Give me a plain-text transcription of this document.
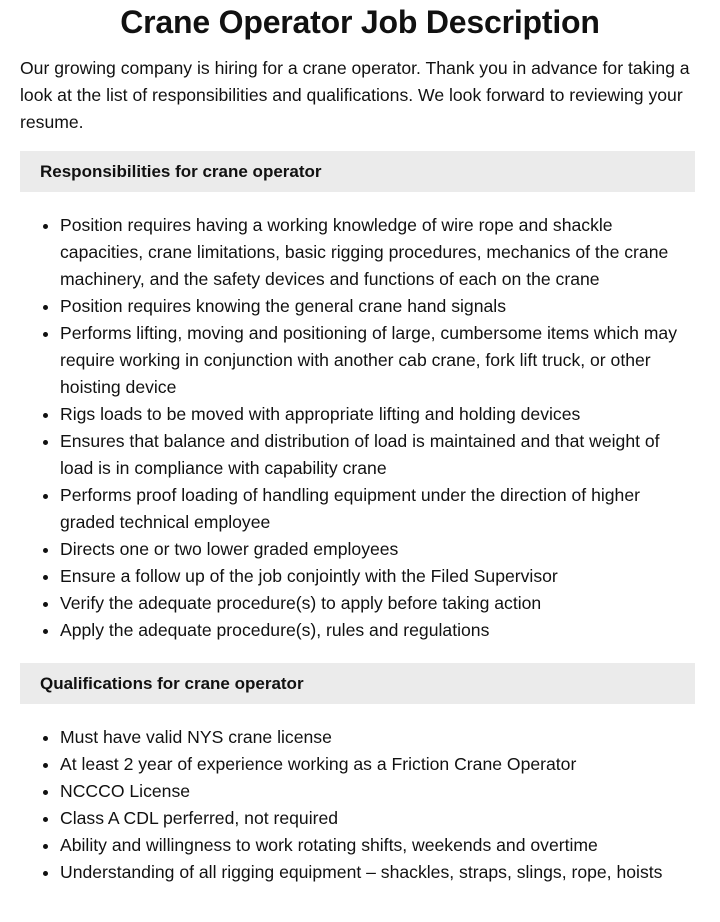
Crane Operator Job Description

Our growing company is hiring for a crane operator. Thank you in advance for taking a look at the list of responsibilities and qualifications. We look forward to reviewing your resume.

Responsibilities for crane operator
• Position requires having a working knowledge of wire rope and shackle capacities, crane limitations, basic rigging procedures, mechanics of the crane machinery, and the safety devices and functions of each on the crane
• Position requires knowing the general crane hand signals
• Performs lifting, moving and positioning of large, cumbersome items which may require working in conjunction with another cab crane, fork lift truck, or other hoisting device
• Rigs loads to be moved with appropriate lifting and holding devices
• Ensures that balance and distribution of load is maintained and that weight of load is in compliance with capability crane
• Performs proof loading of handling equipment under the direction of higher graded technical employee
• Directs one or two lower graded employees
• Ensure a follow up of the job conjointly with the Filed Supervisor
• Verify the adequate procedure(s) to apply before taking action
• Apply the adequate procedure(s), rules and regulations
Qualifications for crane operator
• Must have valid NYS crane license
• At least 2 year of experience working as a Friction Crane Operator
• NCCCO License
• Class A CDL perferred, not required
• Ability and willingness to work rotating shifts, weekends and overtime
• Understanding of all rigging equipment – shackles, straps, slings, rope, hoists
